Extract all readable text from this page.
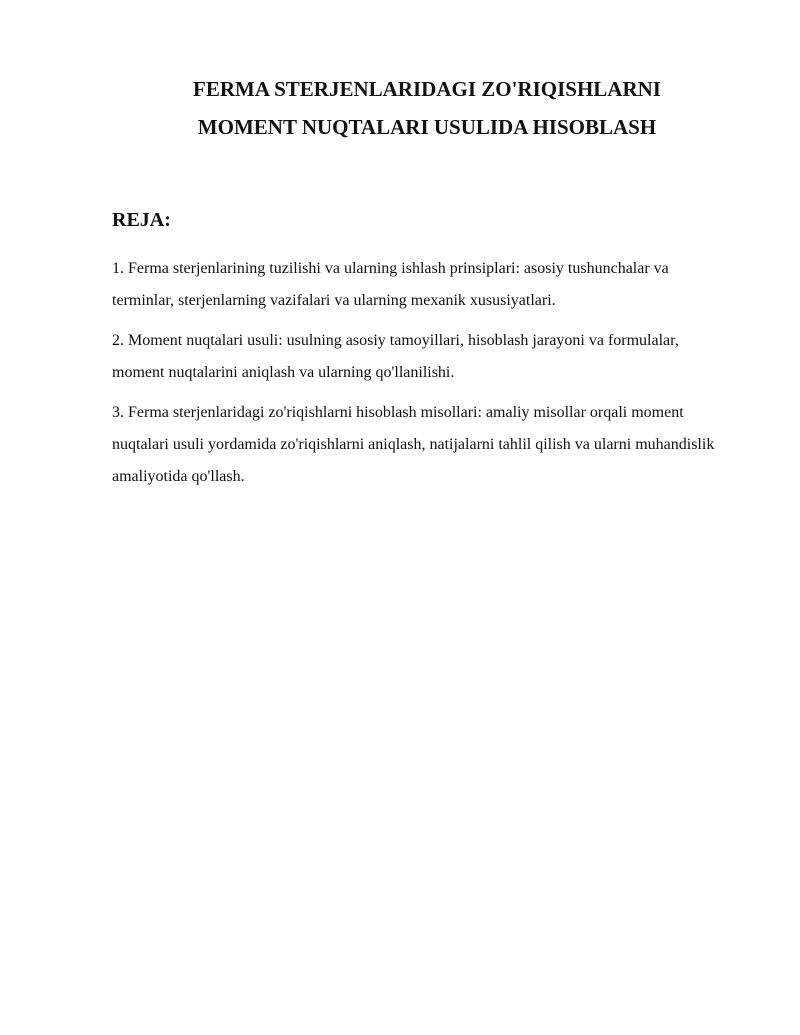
FERMA STERJENLARIDAGI ZO'RIQISHLARNI
MOMENT NUQTALARI USULIDA HISOBLASH
REJA:
1. Ferma sterjenlarining tuzilishi va ularning ishlash prinsiplari: asosiy tushunchalar va terminlar, sterjenlarning vazifalari va ularning mexanik xususiyatlari.
2. Moment nuqtalari usuli: usulning asosiy tamoyillari, hisoblash jarayoni va formulalar, moment nuqtalarini aniqlash va ularning qo'llanilishi.
3. Ferma sterjenlaridagi zo'riqishlarni hisoblash misollari: amaliy misollar orqali moment nuqtalari usuli yordamida zo'riqishlarni aniqlash, natijalarni tahlil qilish va ularni muhandislik amaliyotida qo'llash.
